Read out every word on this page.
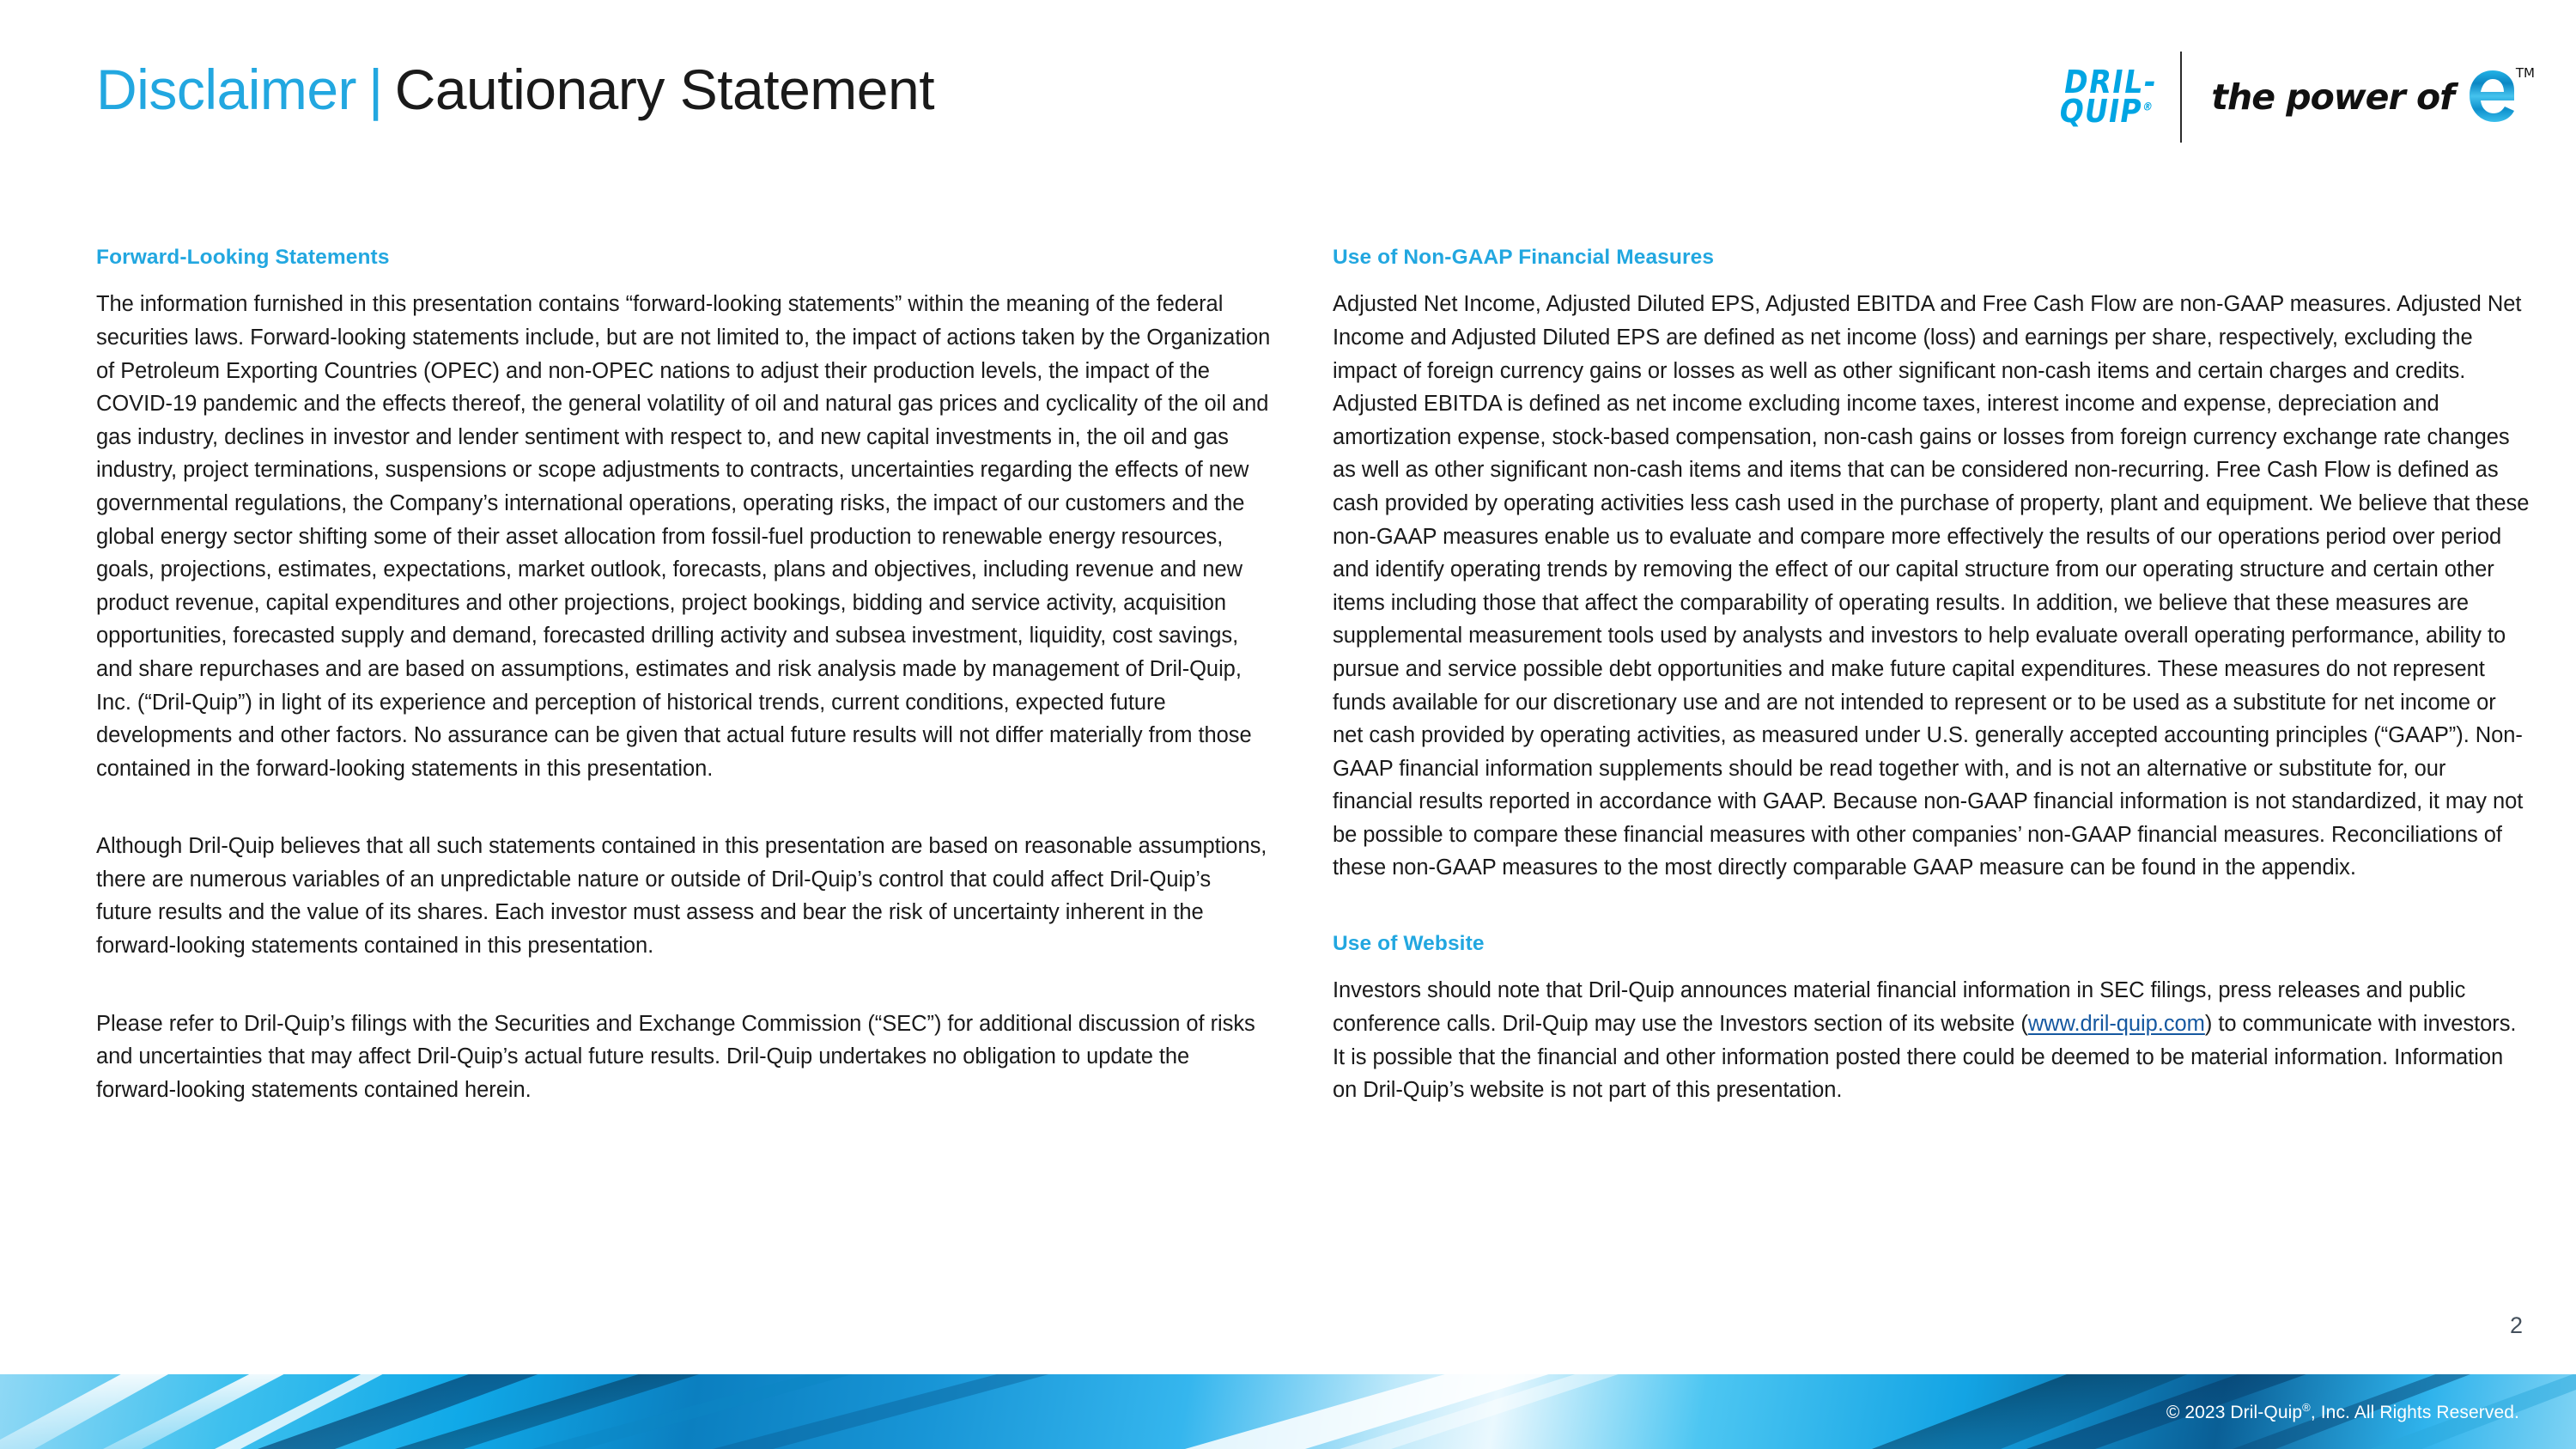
Disclaimer | Cautionary Statement	DRIL-
QUIP® the power of
TM
Forward-Looking Statements

The information furnished in this presentation contains “forward-looking statements” within the meaning of the federal securities laws. Forward-looking statements include, but are not limited to, the impact of actions taken by the Organization of Petroleum Exporting Countries (OPEC) and non-OPEC nations to adjust their production levels, the impact of the COVID-19 pandemic and the effects thereof, the general volatility of oil and natural gas prices and cyclicality of the oil and gas industry, declines in investor and lender sentiment with respect to, and new capital investments in, the oil and gas industry, project terminations, suspensions or scope adjustments to contracts, uncertainties regarding the effects of new governmental regulations, the Company’s international operations, operating risks, the impact of our customers and the global energy sector shifting some of their asset allocation from fossil-fuel production to renewable energy resources, goals, projections, estimates, expectations, market outlook, forecasts, plans and objectives, including revenue and new product revenue, capital expenditures and other projections, project bookings, bidding and service activity, acquisition opportunities, forecasted supply and demand, forecasted drilling activity and subsea investment, liquidity, cost savings, and share repurchases and are based on assumptions, estimates and risk analysis made by management of Dril-Quip, Inc. (“Dril-Quip”) in light of its experience and perception of historical trends, current conditions, expected future developments and other factors. No assurance can be given that actual future results will not differ materially from those contained in the forward-looking statements in this presentation.

Although Dril-Quip believes that all such statements contained in this presentation are based on reasonable assumptions, there are numerous variables of an unpredictable nature or outside of Dril-Quip’s control that could affect Dril-Quip’s future results and the value of its shares. Each investor must assess and bear the risk of uncertainty inherent in the forward-looking statements contained in this presentation.

Please refer to Dril-Quip’s filings with the Securities and Exchange Commission (“SEC”) for additional discussion of risks and uncertainties that may affect Dril-Quip’s actual future results. Dril-Quip undertakes no obligation to update the forward-looking statements contained herein.

Use of Non-GAAP Financial Measures

Adjusted Net Income, Adjusted Diluted EPS, Adjusted EBITDA and Free Cash Flow are non-GAAP measures. Adjusted Net Income and Adjusted Diluted EPS are defined as net income (loss) and earnings per share, respectively, excluding the impact of foreign currency gains or losses as well as other significant non-cash items and certain charges and credits. Adjusted EBITDA is defined as net income excluding income taxes, interest income and expense, depreciation and amortization expense, stock-based compensation, non-cash gains or losses from foreign currency exchange rate changes as well as other significant non-cash items and items that can be considered non-recurring. Free Cash Flow is defined as cash provided by operating activities less cash used in the purchase of property, plant and equipment. We believe that these non-GAAP measures enable us to evaluate and compare more effectively the results of our operations period over period and identify operating trends by removing the effect of our capital structure from our operating structure and certain other items including those that affect the comparability of operating results. In addition, we believe that these measures are supplemental measurement tools used by analysts and investors to help evaluate overall operating performance, ability to pursue and service possible debt opportunities and make future capital expenditures. These measures do not represent funds available for our discretionary use and are not intended to represent or to be used as a substitute for net income or net cash provided by operating activities, as measured under U.S. generally accepted accounting principles (“GAAP”). Non-GAAP financial information supplements should be read together with, and is not an alternative or substitute for, our financial results reported in accordance with GAAP. Because non-GAAP financial information is not standardized, it may not be possible to compare these financial measures with other companies’ non-GAAP financial measures. Reconciliations of these non-GAAP measures to the most directly comparable GAAP measure can be found in the appendix.

Use of Website

Investors should note that Dril-Quip announces material financial information in SEC filings, press releases and public conference calls. Dril-Quip may use the Investors section of its website (www.dril-quip.com) to communicate with investors. It is possible that the financial and other information posted there could be deemed to be material information. Information on Dril-Quip’s website is not part of this presentation.

2
© 2023 Dril-Quip®, Inc. All Rights Reserved.
